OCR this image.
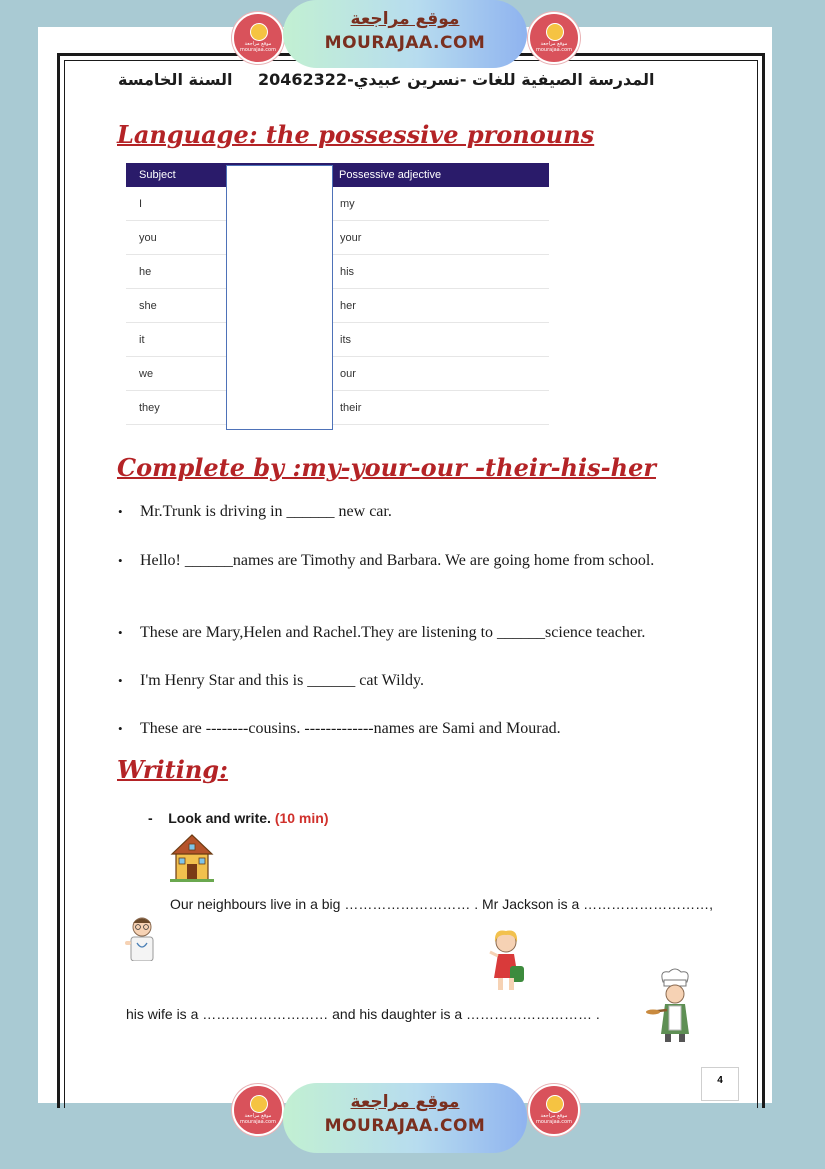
موقع مراجعة mourajaa.com
موقع مراجعة
MOURAJAA.COM	موقع مراجعة mourajaa.com
المدرسة الصيفية للغات -نسرين عبيدي-20462322
السنة الخامسة
Language: the possessive pronouns
Subject		Possessive adjective
I		my
you		your
he		his
she		her
it		its
we		our
they		their
Complete by :my-your-our -their-his-her
• Mr.Trunk is driving in ______ new car.
• Hello! ______names are Timothy and Barbara. We are going home from school.
• These are Mary,Helen and Rachel.They are listening to ______science teacher.
• I'm Henry Star and this is ______ cat Wildy.
• These are --------cousins. -------------names are Sami and Mourad.
Writing:
- Look and write. (10 min)
Our neighbours live in a big ……………………… . Mr Jackson is a ………………………,
his wife is a ……………………… and his daughter is a ……………………… .
4
موقع مراجعة mourajaa.com
موقع مراجعة
MOURAJAA.COM	موقع مراجعة mourajaa.com
